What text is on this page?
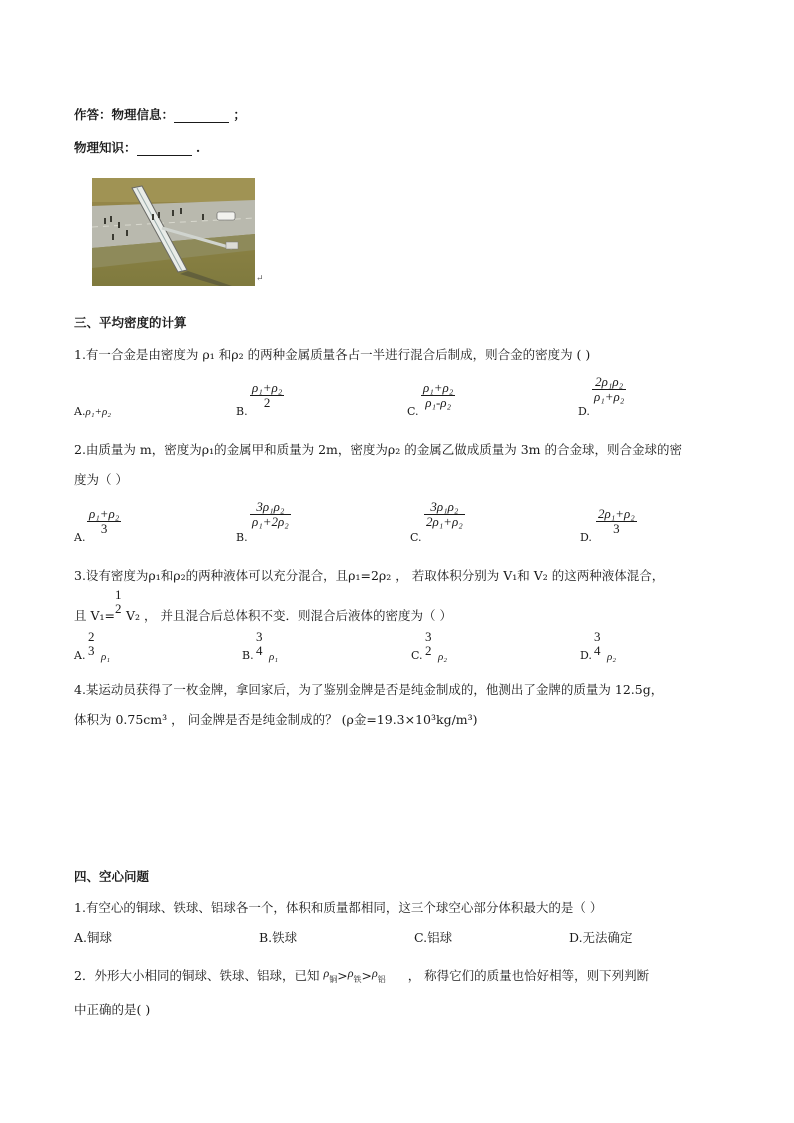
作答：物理信息：	；
物理知识：	.
↵
三、平均密度的计算
1.有一合金是由密度为 ρ₁ 和ρ₂ 的两种金属质量各占一半进行混合后制成，则合金的密度为 ( )
A.ρ₁+ρ₂	B.
$\frac{\text{ρ₁+ρ₂}}{2}$
C.
$\frac{\text{ρ₁+ρ₂}}{\text{ρ₁-ρ₂}}$
D.
$\frac{\text{2ρ₁ρ₂}}{\text{ρ₁+ρ₂}}$
2.由质量为 m，密度为ρ₁的金属甲和质量为 2m，密度为ρ₂ 的金属乙做成质量为 3m 的合金球，则合金球的密
度为（ ）
A.
$\frac{\text{ρ₁+ρ₂}}{3}$
B.
$\frac{\text{3ρ₁ρ₂}}{\text{ρ₁+2ρ₂}}$
C.
$\frac{\text{3ρ₁ρ₂}}{\text{2ρ₁+ρ₂}}$
D.
$\frac{\text{2ρ₁+ρ₂}}{3}$
3.设有密度为ρ₁和ρ₂的两种液体可以充分混合，且ρ₁=2ρ₂ ， 若取体积分别为 V₁和 V₂ 的这两种液体混合，
且 V₁=
1
2 V₂ ， 并且混合后总体积不变．则混合后液体的密度为（ ）
A.
2
3 ρ₁	B.
3
4 ρ₁	C.
3
2 ρ₂	D.
3
4 ρ₂
4.某运动员获得了一枚金牌，拿回家后，为了鉴别金牌是否是纯金制成的，他测出了金牌的质量为 12.5g，
体积为 0.75cm³ ， 问金牌是否是纯金制成的？ (ρ金=19.3×10³kg/m³)
四、空心问题
1.有空心的铜球、铁球、铝球各一个，体积和质量都相同，这三个球空心部分体积最大的是（ ）
A.铜球	B.铁球	C.铝球	D.无法确定
2．外形大小相同的铜球、铁球、铝球，已知 $\rho_铜>\rho_铁>\rho_铝$ ， 称得它们的质量也恰好相等，则下列判断
中正确的是( )
